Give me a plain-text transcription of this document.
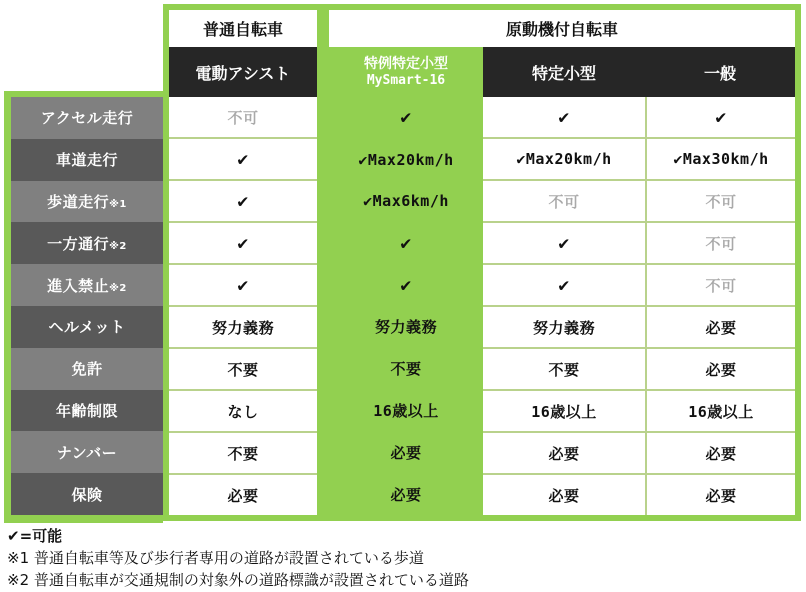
アクセル走行
車道走行
歩道走行 ※1
一方通行 ※2
進入禁止 ※2
ヘルメット
免許
年齢制限
ナンバー
保険
普通自転車
電動アシスト
不可
✔
✔
✔
✔
努力義務
不要
なし
不要
必要
原動機付自転車
特例特定小型
MySmart-16
✔
✔Max20km/h
✔Max6km/h
✔
✔
努力義務
不要
16歳以上
必要
必要
特定小型
✔
✔Max20km/h
不可
✔
✔
努力義務
不要
16歳以上
必要
必要
一般
✔
✔Max30km/h
不可
不可
不可
必要
必要
16歳以上
必要
必要
✔=可能
※1 普通自転車等及び歩行者専用の道路が設置されている歩道
※2 普通自転車が交通規制の対象外の道路標識が設置されている道路
